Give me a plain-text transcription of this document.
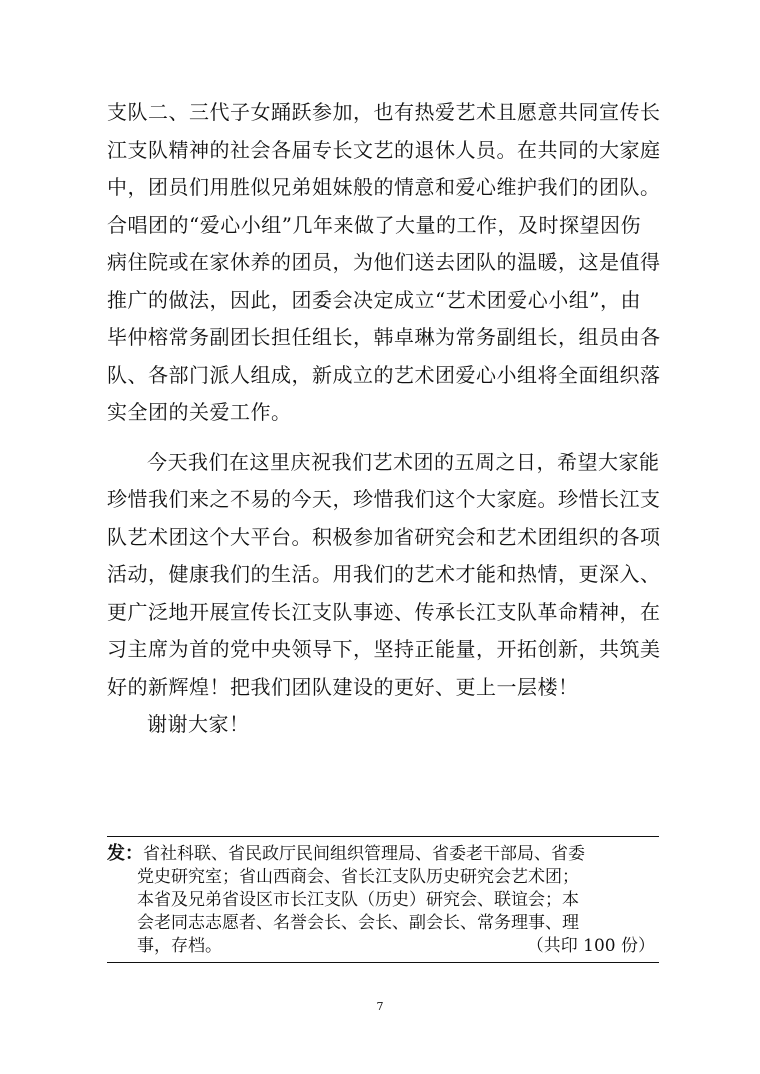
支队二、三代子女踊跃参加，也有热爱艺术且愿意共同宣传长
江支队精神的社会各届专长文艺的退休人员。在共同的大家庭
中，团员们用胜似兄弟姐妹般的情意和爱心维护我们的团队。
合唱团的“爱心小组”几年来做了大量的工作，及时探望因伤
病住院或在家休养的团员，为他们送去团队的温暖，这是值得
推广的做法，因此，团委会决定成立“艺术团爱心小组”，由
毕仲榕常务副团长担任组长，韩卓琳为常务副组长，组员由各
队、各部门派人组成，新成立的艺术团爱心小组将全面组织落
实全团的关爱工作。
今天我们在这里庆祝我们艺术团的五周之日，希望大家能
珍惜我们来之不易的今天，珍惜我们这个大家庭。珍惜长江支
队艺术团这个大平台。积极参加省研究会和艺术团组织的各项
活动，健康我们的生活。用我们的艺术才能和热情，更深入、
更广泛地开展宣传长江支队事迹、传承长江支队革命精神，在
习主席为首的党中央领导下，坚持正能量，开拓创新，共筑美
好的新辉煌！把我们团队建设的更好、更上一层楼！
谢谢大家！
发：省社科联、省民政厅民间组织管理局、省委老干部局、省委
党史研究室；省山西商会、省长江支队历史研究会艺术团；
本省及兄弟省设区市长江支队（历史）研究会、联谊会；本
会老同志志愿者、名誉会长、会长、副会长、常务理事、理
事，存档。	（共印 100 份）
7
